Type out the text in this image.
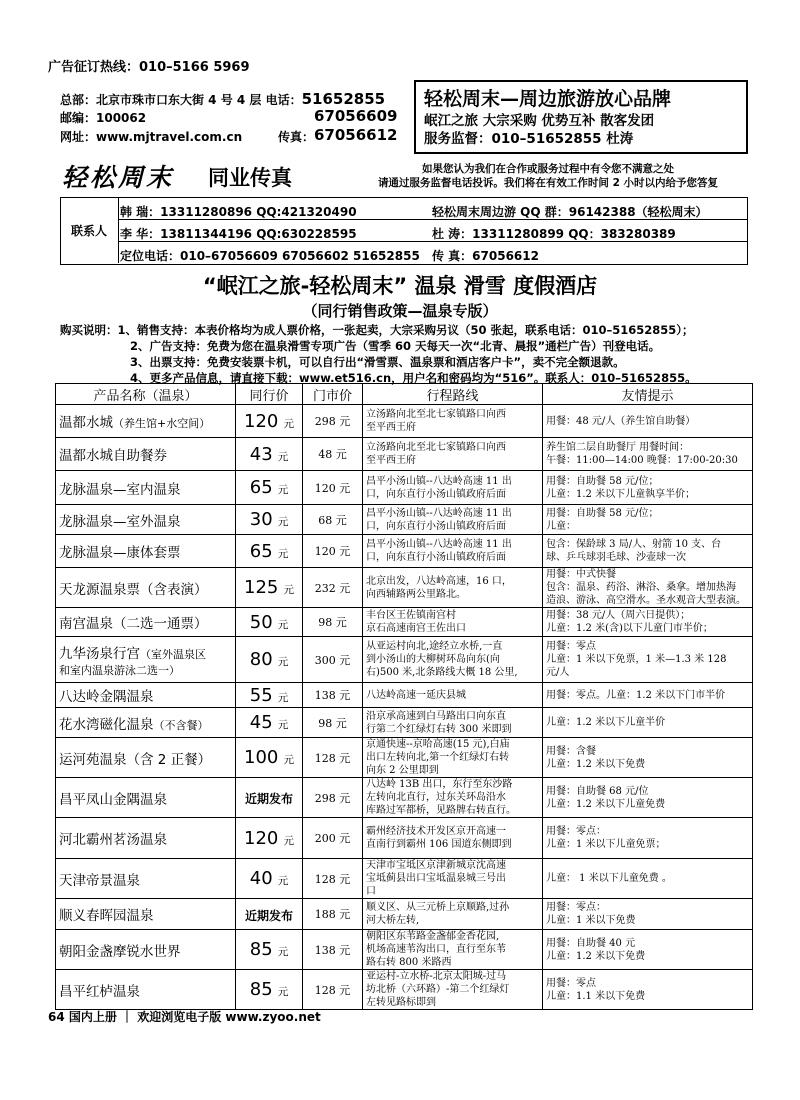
广告征订热线：010–5166 5969
总部：北京市珠市口东大街 4 号 4 层 电话：51652855
邮编：100062	67056609
网址：www.mjtravel.com.cn	传真： 67056612
轻松周末—周边旅游放心品牌
岷江之旅 大宗采购 优势互补 散客发团
服务监督：010–51652855 杜涛
轻松周末 同业传真	如果您认为我们在合作或服务过程中有令您不满意之处
请通过服务监督电话投诉。我们将在有效工作时间 2 小时以内给予您答复
联系人
韩 瑞：13311280896 QQ:421320490	轻松周末周边游 QQ 群：96142388（轻松周末）
李 华：13811344196 QQ:630228595	杜 涛：13311280899 QQ：383280389
定位电话：010–67056609 67056602 51652855 传 真：67056612
“岷江之旅-轻松周末” 温泉 滑雪 度假酒店
（同行销售政策—温泉专版）
购买说明：1、销售支持：本表价格均为成人票价格，一张起卖，大宗采购另议（50 张起，联系电话：010–51652855）；
2、广告支持：免费为您在温泉滑雪专项广告（雪季 60 天每天一次“北青、晨报”通栏广告）刊登电话。
3、出票支持：免费安装票卡机，可以自行出“滑雪票、温泉票和酒店客户卡”，卖不完全额退款。
4、更多产品信息，请直接下载：www.et516.cn，用户名和密码均为“516”。联系人：010–51652855。
产品名称（温泉）	同行价	门市价	行程路线	友情提示
温都水城（养生馆+水空间）	120 元	298 元	立汤路向北至北七家镇路口向西
至平西王府	用餐：48 元/人（养生馆自助餐）

温都水城自助餐券	43 元	48 元	立汤路向北至北七家镇路口向西
至平西王府	养生馆二层自助餐厅 用餐时间：
午餐：11:00—14:00 晚餐：17:00-20:30

龙脉温泉—室内温泉	65 元	120 元	昌平小汤山镇--八达岭高速 11 出
口，向东直行小汤山镇政府后面	用餐：自助餐 58 元/位；
儿童：1.2 米以下儿童執享半价；

龙脉温泉—室外温泉	30 元	68 元	昌平小汤山镇--八达岭高速 11 出
口，向东直行小汤山镇政府后面	用餐：自助餐 58 元/位；
儿童：

龙脉温泉—康体套票	65 元	120 元	昌平小汤山镇--八达岭高速 11 出
口，向东直行小汤山镇政府后面	包含：保龄球 3 局/人、射箭 10 支、台
球、乒乓球羽毛球、沙壶球一次

天龙源温泉票（含表演）	125 元	232 元	北京出发，八达岭高速，16 口，
向西辅路两公里路北。	用餐：中式快餐
包含：温泉、药浴、淋浴、桑拿。增加热海
造浪、游泳、高空滑水。圣水观音大型表演。

南宫温泉（二选一通票）	50 元	98 元	丰台区王佐镇南宫村
京石高速南宫王佐出口	用餐：38 元/人（周六日提供）；
儿童：1.2 米(含)以下儿童门市半价；

九华汤泉行宫（室外温泉区
和室内温泉游泳二选一）	80 元	300 元	从亚运村向北,途经立水桥,一直
到小汤山的大柳树环岛向东(向
右)500 米,北条路线大概 18 公里,	用餐：零点
儿童：1 米以下免票，1 米—1.3 米 128
元/人

八达岭金隅温泉	55 元	138 元	八达岭高速一延庆县城	用餐：零点。儿童：1.2 米以下门市半价

花水湾磁化温泉（不含餐）	45 元	98 元	沿京承高速到白马路出口向东直
行第二个红绿灯右转 300 米即到	儿童：1.2 米以下儿童半价

运河苑温泉（含 2 正餐）	100 元	128 元	京通快速--京哈高速(15 元),白庙
出口左转向北,第一个红绿灯右转
向东 2 公里即到	用餐：含餐
儿童：1.2 米以下免费

昌平凤山金隅温泉	近期发布	298 元	八达岭 13B 出口，东行至东沙路
左转向北直行，过东关环岛沿水
库路过军都桥，见路牌右转直行。	用餐：自助餐 68 元/位
儿童：1.2 米以下儿童免费

河北霸州茗汤温泉	120 元	200 元	霸州经济技术开发区京开高速一
直南行到霸州 106 国道东侧即到	用餐：零点：
儿童：1 米以下儿童免票；

天津帝景温泉	40 元	128 元	天津市宝坻区京津新城京沈高速
宝坻蓟县出口宝坻温泉城三号出
口	儿童： 1 米以下儿童免费 。

顺义春晖园温泉	近期发布	188 元	顺义区、从三元桥上京顺路,过孙
河大桥左转,	用餐：零点：
儿童：1 米以下免费

朝阳金盏摩锐水世界	85 元	138 元	朝阳区东苇路金盏郁金香花园,
机场高速苇沟出口，直行至东苇
路右转 800 米路西	用餐：自助餐 40 元
儿童：1.2 米以下免费

昌平红栌温泉	85 元	128 元	亚运村-立水桥-北京太阳城-过马
坊北桥（六环路）-第二个红绿灯
左转见路标即到	用餐：零点
儿童：1.1 米以下免费
64 国内上册 ｜ 欢迎浏览电子版 www.zyoo.net
